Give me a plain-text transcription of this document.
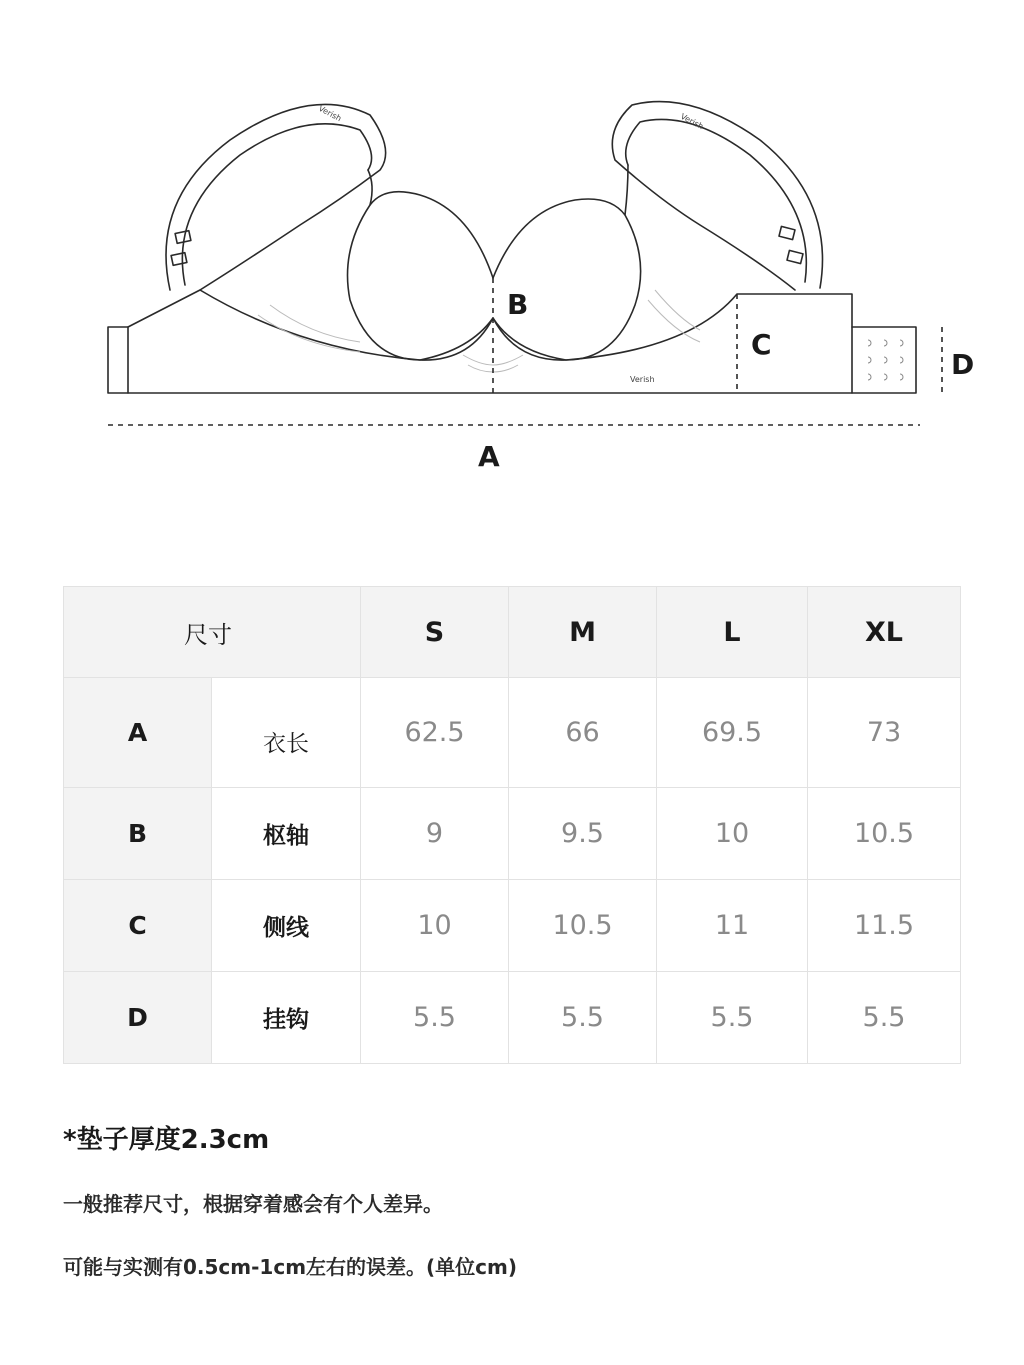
Verish
Verish	Verish
B
C
D
A
尺寸		S	M	L	XL
A	衣长	62.5	66	69.5	73
B	枢轴	9	9.5	10	10.5
C	侧线	10	10.5	11	11.5
D	挂钩	5.5	5.5	5.5	5.5

*垫子厚度2.3cm

一般推荐尺寸，根据穿着感会有个人差异。

可能与实测有0.5cm-1cm左右的误差。(单位cm)
